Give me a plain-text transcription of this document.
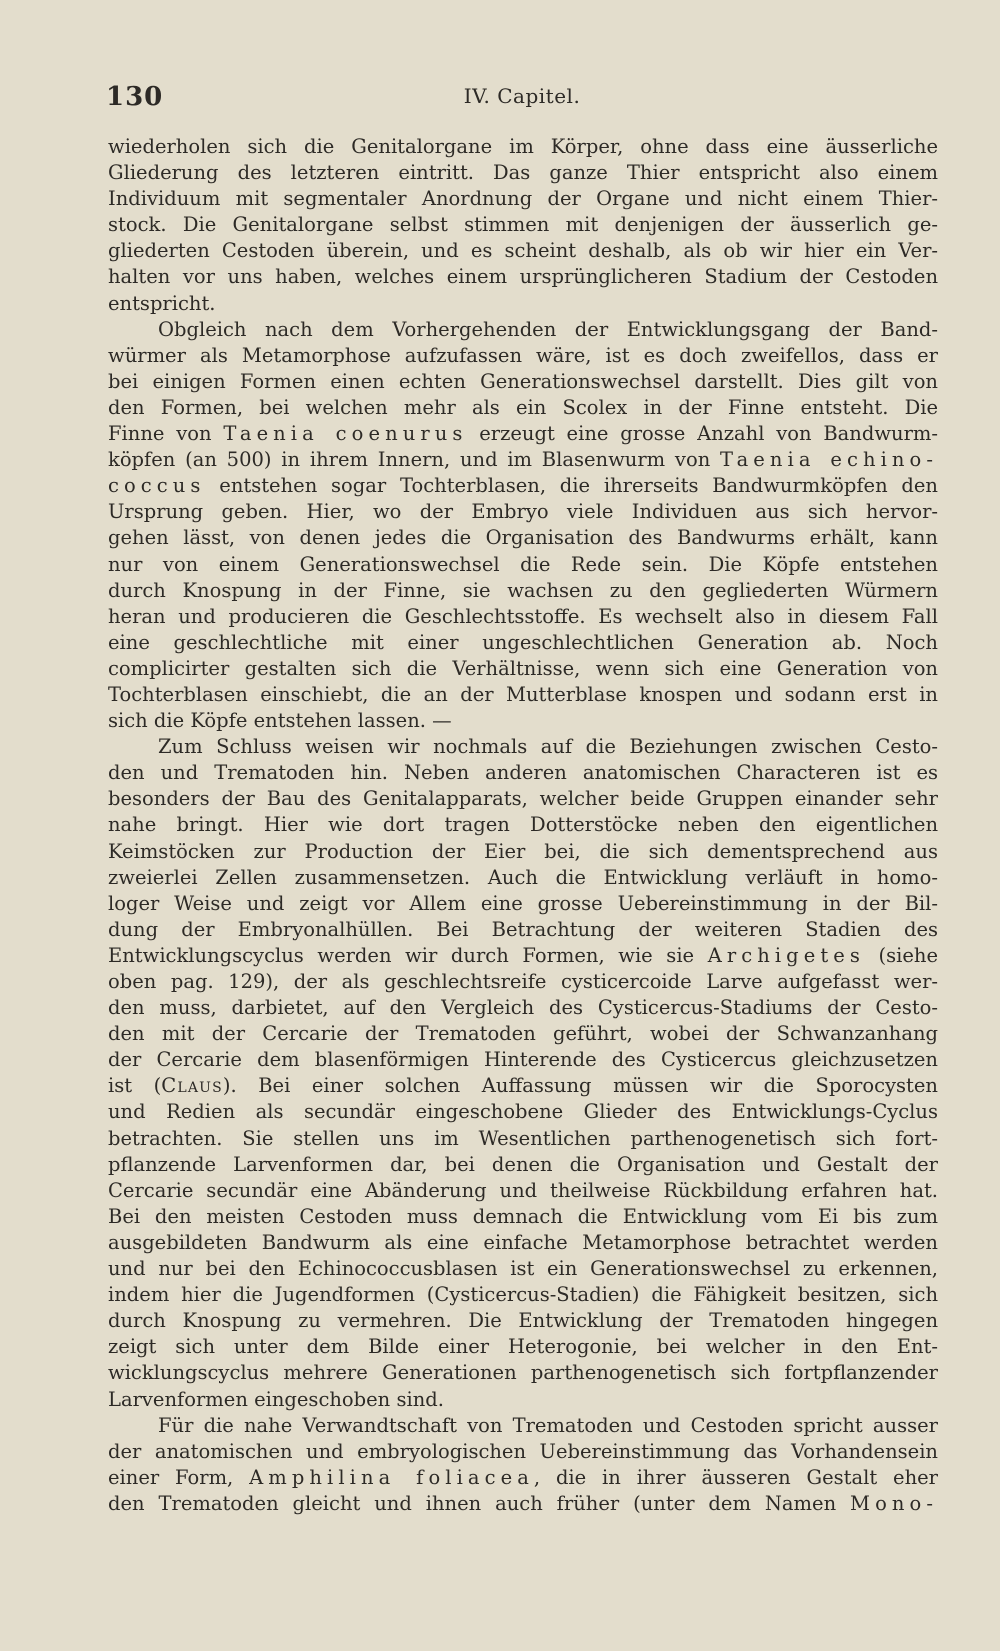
130	IV. Capitel.
wiederholen sich die Genitalorgane im Körper, ohne dass eine äusserliche
Gliederung des letzteren eintritt. Das ganze Thier entspricht also einem
Individuum mit segmentaler Anordnung der Organe und nicht einem Thier-
stock. Die Genitalorgane selbst stimmen mit denjenigen der äusserlich ge-
gliederten Cestoden überein, und es scheint deshalb, als ob wir hier ein Ver-
halten vor uns haben, welches einem ursprünglicheren Stadium der Cestoden
entspricht.
Obgleich nach dem Vorhergehenden der Entwicklungsgang der Band-
würmer als Metamorphose aufzufassen wäre, ist es doch zweifellos, dass er
bei einigen Formen einen echten Generationswechsel darstellt. Dies gilt von
den Formen, bei welchen mehr als ein Scolex in der Finne entsteht. Die
Finne von Taenia coenurus erzeugt eine grosse Anzahl von Bandwurm-
köpfen (an 500) in ihrem Innern, und im Blasenwurm von Taenia echino-
coccus entstehen sogar Tochterblasen, die ihrerseits Bandwurmköpfen den
Ursprung geben. Hier, wo der Embryo viele Individuen aus sich hervor-
gehen lässt, von denen jedes die Organisation des Bandwurms erhält, kann
nur von einem Generationswechsel die Rede sein. Die Köpfe entstehen
durch Knospung in der Finne, sie wachsen zu den gegliederten Würmern
heran und producieren die Geschlechtsstoffe. Es wechselt also in diesem Fall
eine geschlechtliche mit einer ungeschlechtlichen Generation ab. Noch
complicirter gestalten sich die Verhältnisse, wenn sich eine Generation von
Tochterblasen einschiebt, die an der Mutterblase knospen und sodann erst in
sich die Köpfe entstehen lassen. —
Zum Schluss weisen wir nochmals auf die Beziehungen zwischen Cesto-
den und Trematoden hin. Neben anderen anatomischen Characteren ist es
besonders der Bau des Genitalapparats, welcher beide Gruppen einander sehr
nahe bringt. Hier wie dort tragen Dotterstöcke neben den eigentlichen
Keimstöcken zur Production der Eier bei, die sich dementsprechend aus
zweierlei Zellen zusammensetzen. Auch die Entwicklung verläuft in homo-
loger Weise und zeigt vor Allem eine grosse Uebereinstimmung in der Bil-
dung der Embryonalhüllen. Bei Betrachtung der weiteren Stadien des
Entwicklungscyclus werden wir durch Formen, wie sie Archigetes (siehe
oben pag. 129), der als geschlechtsreife cysticercoide Larve aufgefasst wer-
den muss, darbietet, auf den Vergleich des Cysticercus-Stadiums der Cesto-
den mit der Cercarie der Trematoden geführt, wobei der Schwanzanhang
der Cercarie dem blasenförmigen Hinterende des Cysticercus gleichzusetzen
ist (Claus). Bei einer solchen Auffassung müssen wir die Sporocysten
und Redien als secundär eingeschobene Glieder des Entwicklungs-Cyclus
betrachten. Sie stellen uns im Wesentlichen parthenogenetisch sich fort-
pflanzende Larvenformen dar, bei denen die Organisation und Gestalt der
Cercarie secundär eine Abänderung und theilweise Rückbildung erfahren hat.
Bei den meisten Cestoden muss demnach die Entwicklung vom Ei bis zum
ausgebildeten Bandwurm als eine einfache Metamorphose betrachtet werden
und nur bei den Echinococcusblasen ist ein Generationswechsel zu erkennen,
indem hier die Jugendformen (Cysticercus-Stadien) die Fähigkeit besitzen, sich
durch Knospung zu vermehren. Die Entwicklung der Trematoden hingegen
zeigt sich unter dem Bilde einer Heterogonie, bei welcher in den Ent-
wicklungscyclus mehrere Generationen parthenogenetisch sich fortpflanzender
Larvenformen eingeschoben sind.
Für die nahe Verwandtschaft von Trematoden und Cestoden spricht ausser
der anatomischen und embryologischen Uebereinstimmung das Vorhandensein
einer Form, Amphilina foliacea, die in ihrer äusseren Gestalt eher
den Trematoden gleicht und ihnen auch früher (unter dem Namen Mono-
